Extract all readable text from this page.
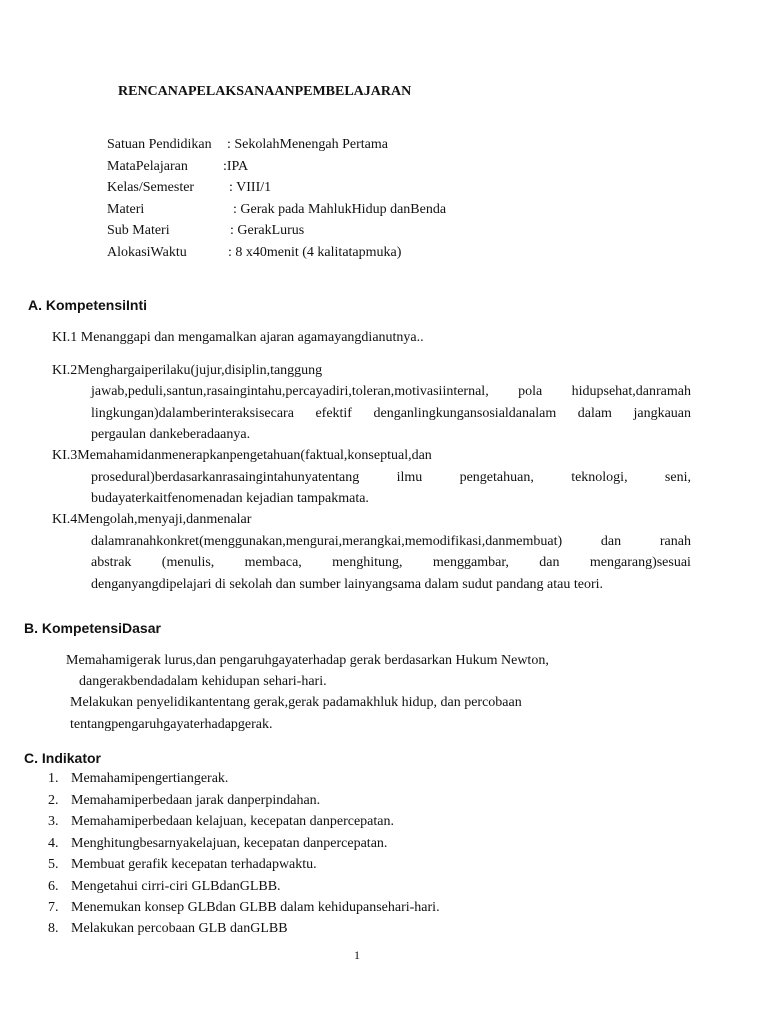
RENCANAPELAKSANAANPEMBELAJARAN
Satuan Pendidikan : SekolahMenengah Pertama
MataPelajaran	:IPA
Kelas/Semester : VIII/1
Materi	: Gerak pada MahlukHidup danBenda
Sub Materi	: GerakLurus
AlokasiWaktu	: 8 x40menit (4 kalitatapmuka)
A. KompetensiInti
KI.1 Menanggapi dan mengamalkan ajaran agamayangdianutnya..
KI.2Menghargaiperilaku(jujur,disiplin,tanggung
jawab,peduli,santun,rasaingintahu,percayadiri,toleran,motivasiinternal, pola hidupsehat,danramah
lingkungan)dalamberinteraksisecara efektif denganlingkungansosialdanalam dalam jangkauan
pergaulan dankeberadaanya.
KI.3Memahamidanmenerapkanpengetahuan(faktual,konseptual,dan
prosedural)berdasarkanrasaingintahunyatentang	ilmu	pengetahuan,	teknologi,	seni,
budayaterkaitfenomenadan kejadian tampakmata.
KI.4Mengolah,menyaji,danmenalar
dalamranahkonkret(menggunakan,mengurai,merangkai,memodifikasi,danmembuat)	dan	ranah
abstrak (menulis, membaca, menghitung, menggambar, dan mengarang)sesuai
denganyangdipelajari di sekolah dan sumber lainyangsama dalam sudut pandang atau teori.
B. KompetensiDasar
Memahamigerak lurus,dan pengaruhgayaterhadap gerak berdasarkan Hukum Newton,
dangerakbendadalam kehidupan sehari-hari.
Melakukan penyelidikantentang gerak,gerak padamakhluk hidup, dan percobaan
tentangpengaruhgayaterhadapgerak.
C. Indikator
1. Memahamipengertiangerak.
2. Memahamiperbedaan jarak danperpindahan.
3. Memahamiperbedaan kelajuan, kecepatan danpercepatan.
4. Menghitungbesarnyakelajuan, kecepatan danpercepatan.
5. Membuat gerafik kecepatan terhadapwaktu.
6. Mengetahui cirri-ciri GLBdanGLBB.
7. Menemukan konsep GLBdan GLBB dalam kehidupansehari-hari.
8. Melakukan percobaan GLB danGLBB
1
